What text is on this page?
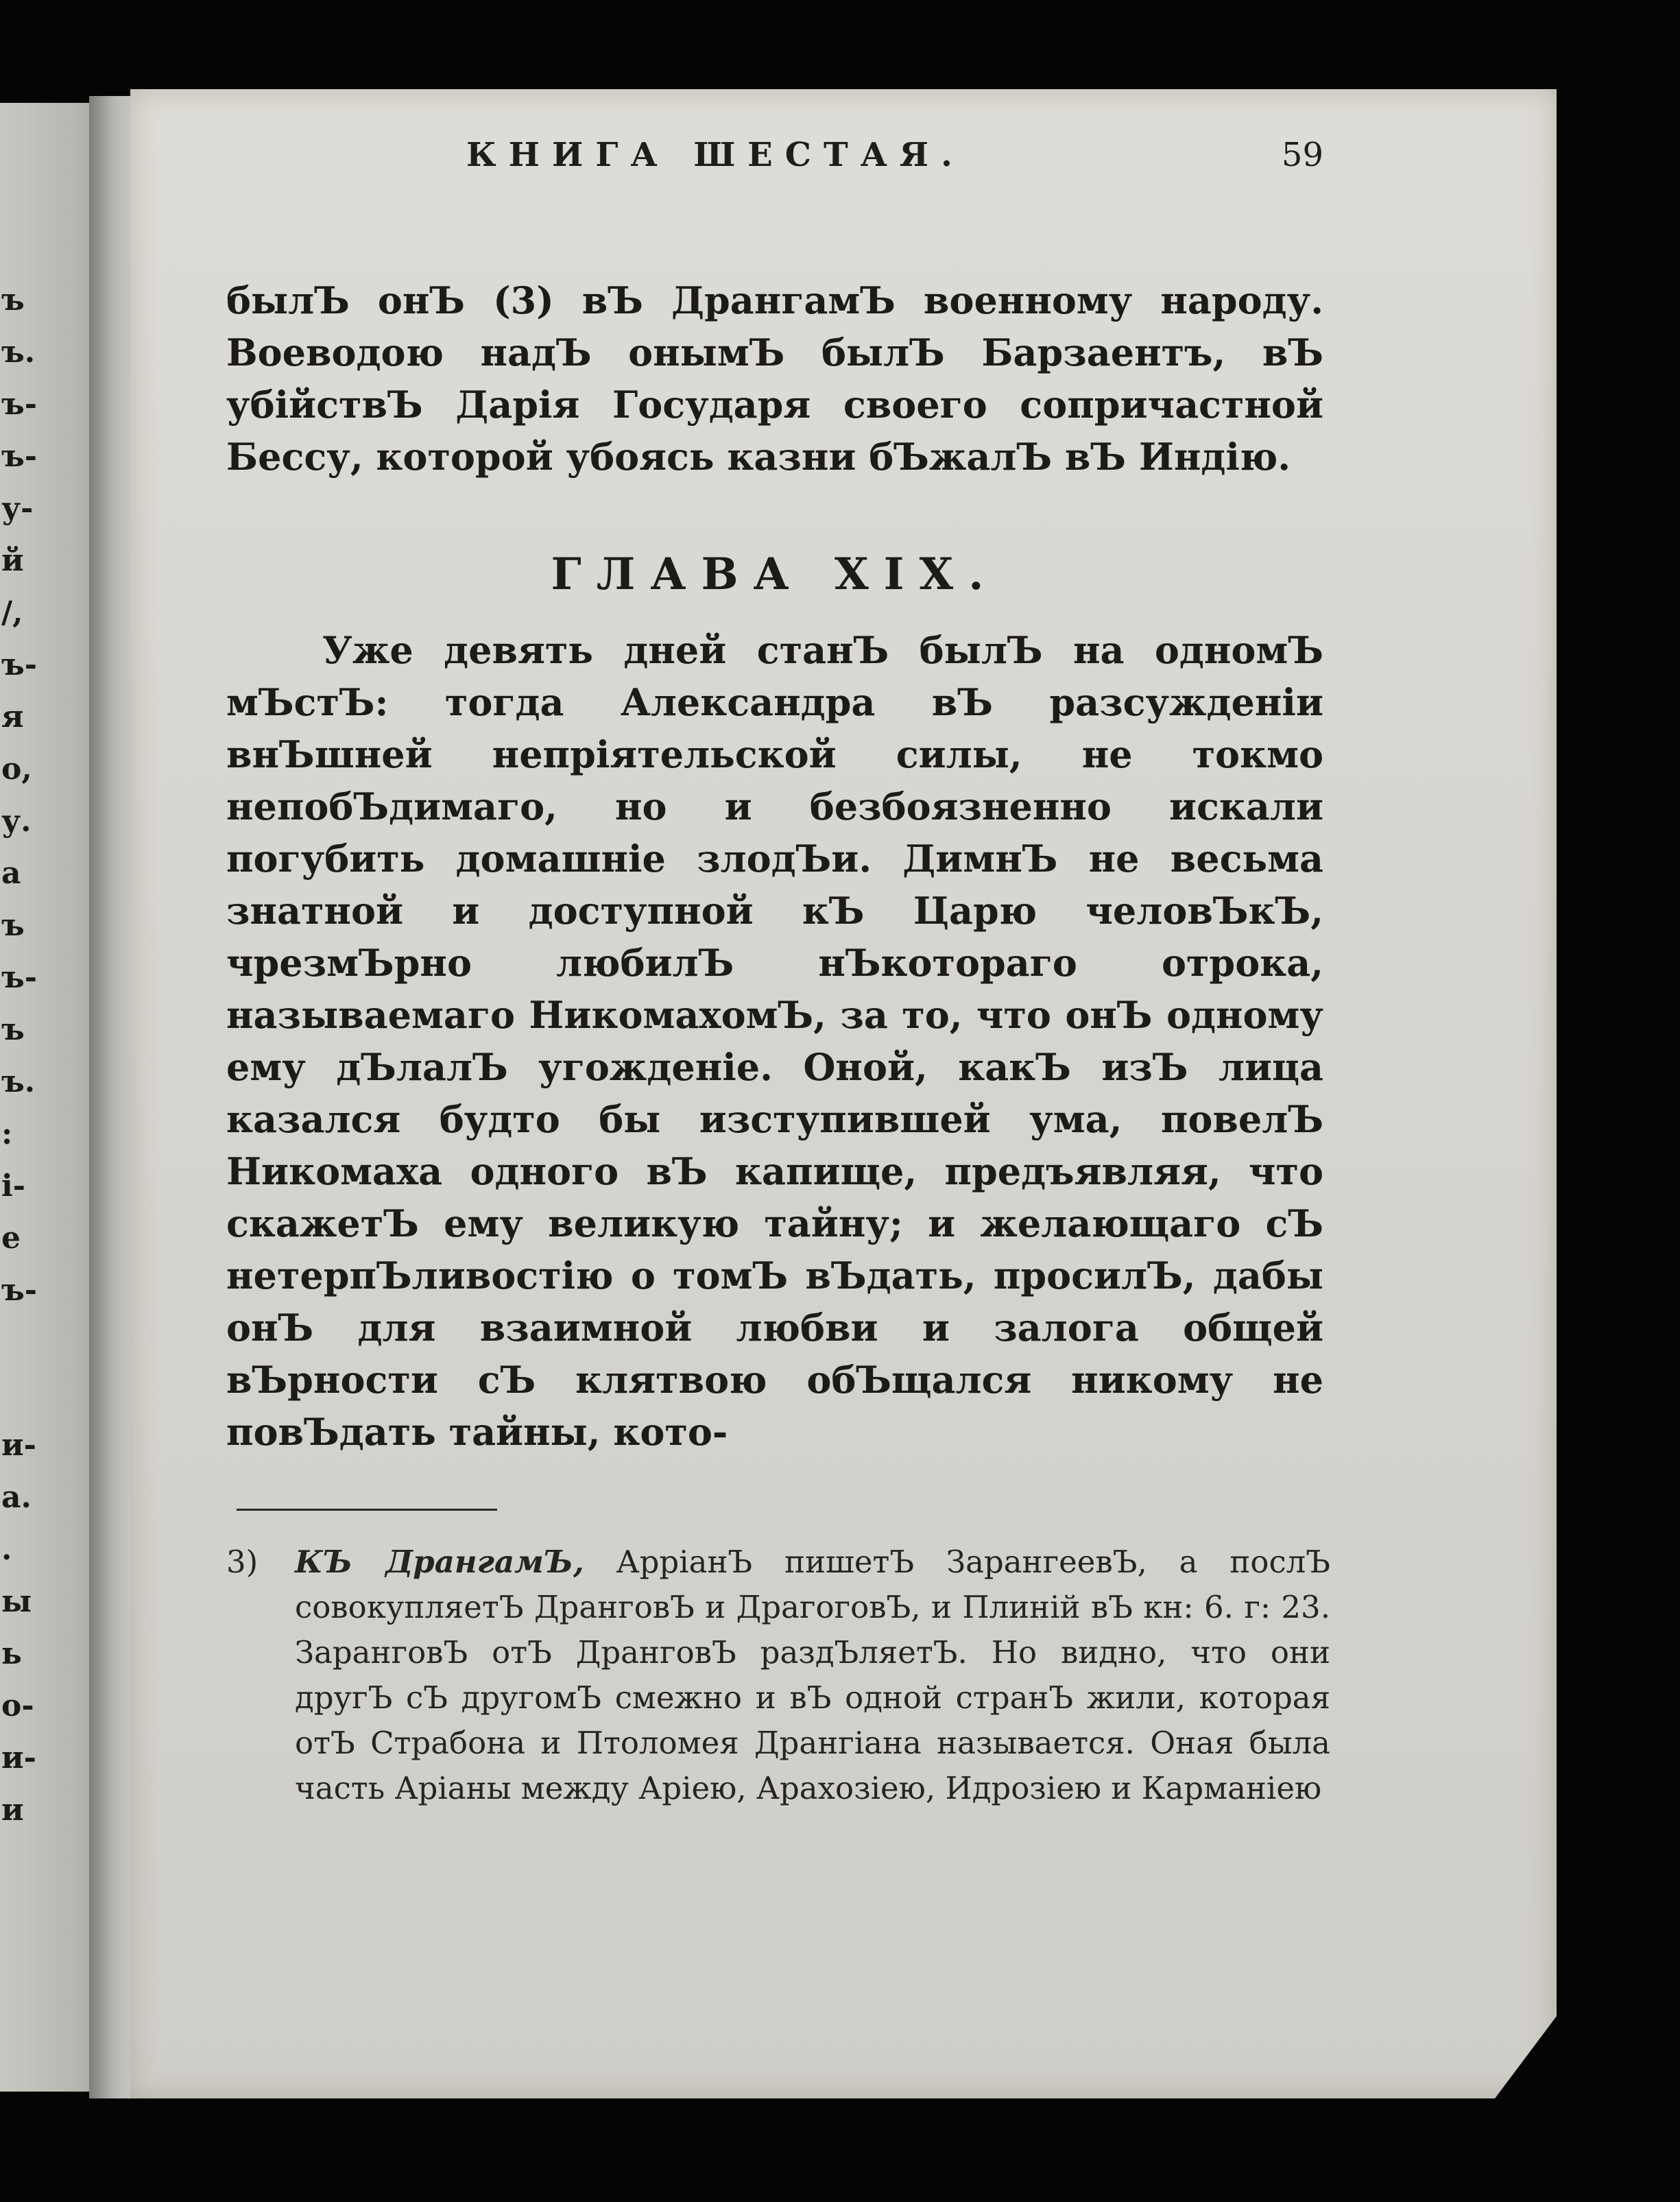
ъ
ъ.
ъ-
ъ-
у-
й
/,
ъ-
я
о,
у.
а
ъ
ъ-
ъ
ъ.
:
і-
е
ъ-
и-
а.
.
ы
ь
о-
и-
и
КНИГА ШЕСТАЯ.	59

былЪ онЪ (3) вЪ ДрангамЪ военному народу. Воеводою надЪ онымЪ былЪ Барзаентъ, вЪ убійствЪ Дарія Государя своего сопричастной Бессу, которой убоясь казни бЪжалЪ вЪ Индію.

ГЛАВА XIX.
Уже девять дней станЪ былЪ на одномЪ мЪстЪ: тогда Александра вЪ разсужденіи внЪшней непріятельской силы, не токмо непобЪдимаго, но и безбоязненно искали погубить домашніе злодЪи. ДимнЪ не весьма знатной и доступной кЪ Царю человЪкЪ, чрезмЪрно любилЪ нЪкотораго отрока, называемаго НикомахомЪ, за то, что онЪ одному ему дЪлалЪ угожденіе. Оной, какЪ изЪ лица казался будто бы изступившей ума, повелЪ Никомаха одного вЪ капище, предъявляя, что скажетЪ ему великую тайну; и желающаго сЪ нетерпЪливостію о томЪ вЪдать, просилЪ, дабы онЪ для взаимной любви и залога общей вЪрности сЪ клятвою обЪщался никому не повЪдать тайны, кото-
3)	КЪ ДрангамЪ, АрріанЪ пишетЪ ЗарангеевЪ, а послЪ совокупляетЪ ДранговЪ и ДрагоговЪ, и Плиній вЪ кн: 6. г: 23. ЗаранговЪ отЪ ДранговЪ раздЪляетЪ. Но видно, что они другЪ сЪ другомЪ смежно и вЪ одной странЪ жили, которая отЪ Страбона и Птоломея Дрангіана называется. Оная была часть Аріаны между Аріею, Арахозіею, Идрозіею и Карманіею
